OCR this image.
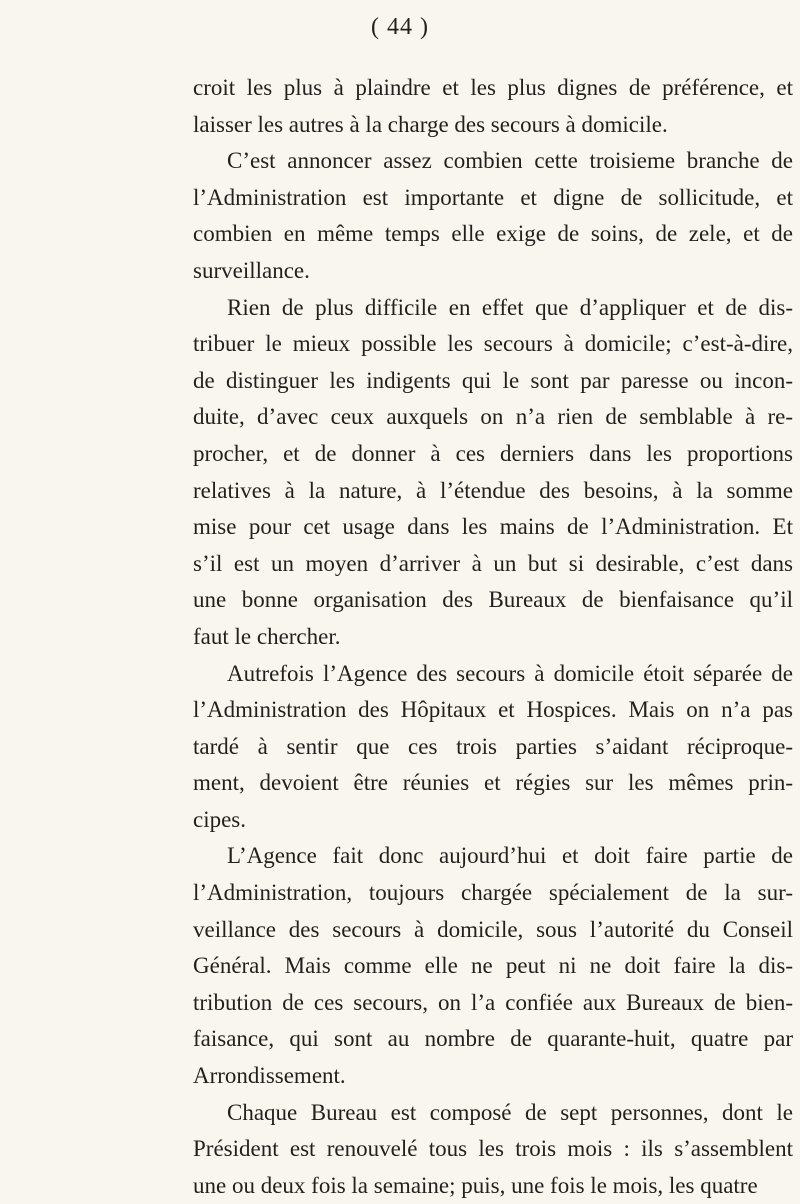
( 44 )
croit les plus à plaindre et les plus dignes de préférence, et
laisser les autres à la charge des secours à domicile.
C’est annoncer assez combien cette troisieme branche de
l’Administration est importante et digne de sollicitude, et
combien en même temps elle exige de soins, de zele, et de
surveillance.
Rien de plus difficile en effet que d’appliquer et de dis-
tribuer le mieux possible les secours à domicile; c’est-à-dire,
de distinguer les indigents qui le sont par paresse ou incon-
duite, d’avec ceux auxquels on n’a rien de semblable à re-
procher, et de donner à ces derniers dans les proportions
relatives à la nature, à l’étendue des besoins, à la somme
mise pour cet usage dans les mains de l’Administration. Et
s’il est un moyen d’arriver à un but si desirable, c’est dans
une bonne organisation des Bureaux de bienfaisance qu’il
faut le chercher.
Autrefois l’Agence des secours à domicile étoit séparée de
l’Administration des Hôpitaux et Hospices. Mais on n’a pas
tardé à sentir que ces trois parties s’aidant réciproque-
ment, devoient être réunies et régies sur les mêmes prin-
cipes.
L’Agence fait donc aujourd’hui et doit faire partie de
l’Administration, toujours chargée spécialement de la sur-
veillance des secours à domicile, sous l’autorité du Conseil
Général. Mais comme elle ne peut ni ne doit faire la dis-
tribution de ces secours, on l’a confiée aux Bureaux de bien-
faisance, qui sont au nombre de quarante-huit, quatre par
Arrondissement.
Chaque Bureau est composé de sept personnes, dont le
Président est renouvelé tous les trois mois : ils s’assemblent
une ou deux fois la semaine; puis, une fois le mois, les quatre
